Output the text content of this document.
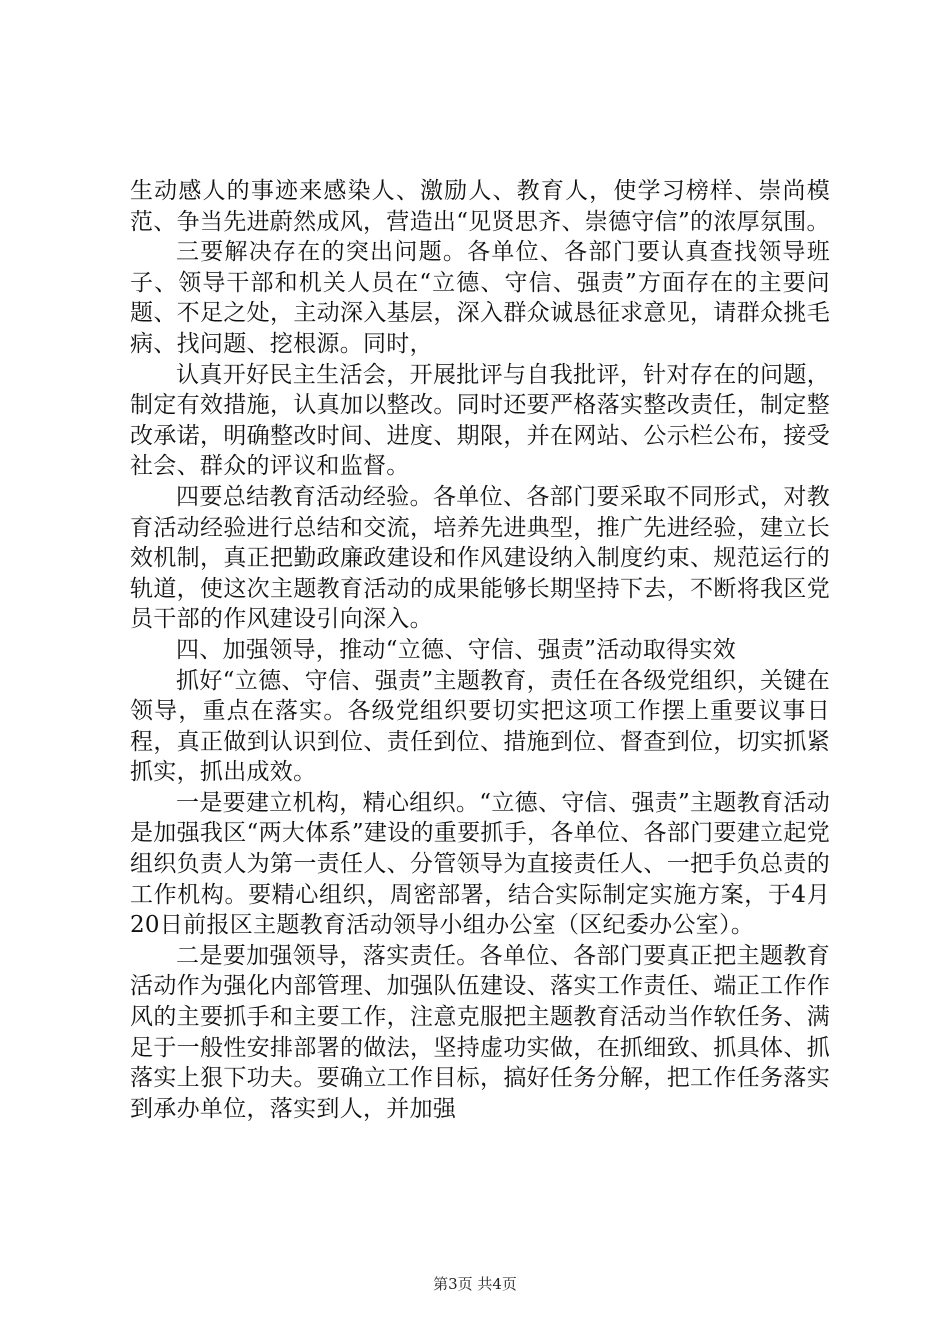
生动感人的事迹来感染人、激励人、教育人，使学习榜样、崇尚模范、争当先进蔚然成风，营造出“见贤思齐、崇德守信”的浓厚氛围。

三要解决存在的突出问题。各单位、各部门要认真查找领导班子、领导干部和机关人员在“立德、守信、强责”方面存在的主要问题、不足之处，主动深入基层，深入群众诚恳征求意见，请群众挑毛病、找问题、挖根源。同时，

认真开好民主生活会，开展批评与自我批评，针对存在的问题，制定有效措施，认真加以整改。同时还要严格落实整改责任，制定整改承诺，明确整改时间、进度、期限，并在网站、公示栏公布，接受社会、群众的评议和监督。

四要总结教育活动经验。各单位、各部门要采取不同形式，对教育活动经验进行总结和交流，培养先进典型，推广先进经验，建立长效机制，真正把勤政廉政建设和作风建设纳入制度约束、规范运行的轨道，使这次主题教育活动的成果能够长期坚持下去，不断将我区党员干部的作风建设引向深入。

四、加强领导，推动“立德、守信、强责”活动取得实效

抓好“立德、守信、强责”主题教育，责任在各级党组织，关键在领导，重点在落实。各级党组织要切实把这项工作摆上重要议事日程，真正做到认识到位、责任到位、措施到位、督查到位，切实抓紧抓实，抓出成效。

一是要建立机构，精心组织。“立德、守信、强责”主题教育活动是加强我区“两大体系”建设的重要抓手，各单位、各部门要建立起党组织负责人为第一责任人、分管领导为直接责任人、一把手负总责的工作机构。要精心组织，周密部署，结合实际制定实施方案，于4月20日前报区主题教育活动领导小组办公室（区纪委办公室）。

二是要加强领导，落实责任。各单位、各部门要真正把主题教育活动作为强化内部管理、加强队伍建设、落实工作责任、端正工作作风的主要抓手和主要工作，注意克服把主题教育活动当作软任务、满足于一般性安排部署的做法，坚持虚功实做，在抓细致、抓具体、抓落实上狠下功夫。要确立工作目标，搞好任务分解，把工作任务落实到承办单位，落实到人，并加强

第3页 共4页
